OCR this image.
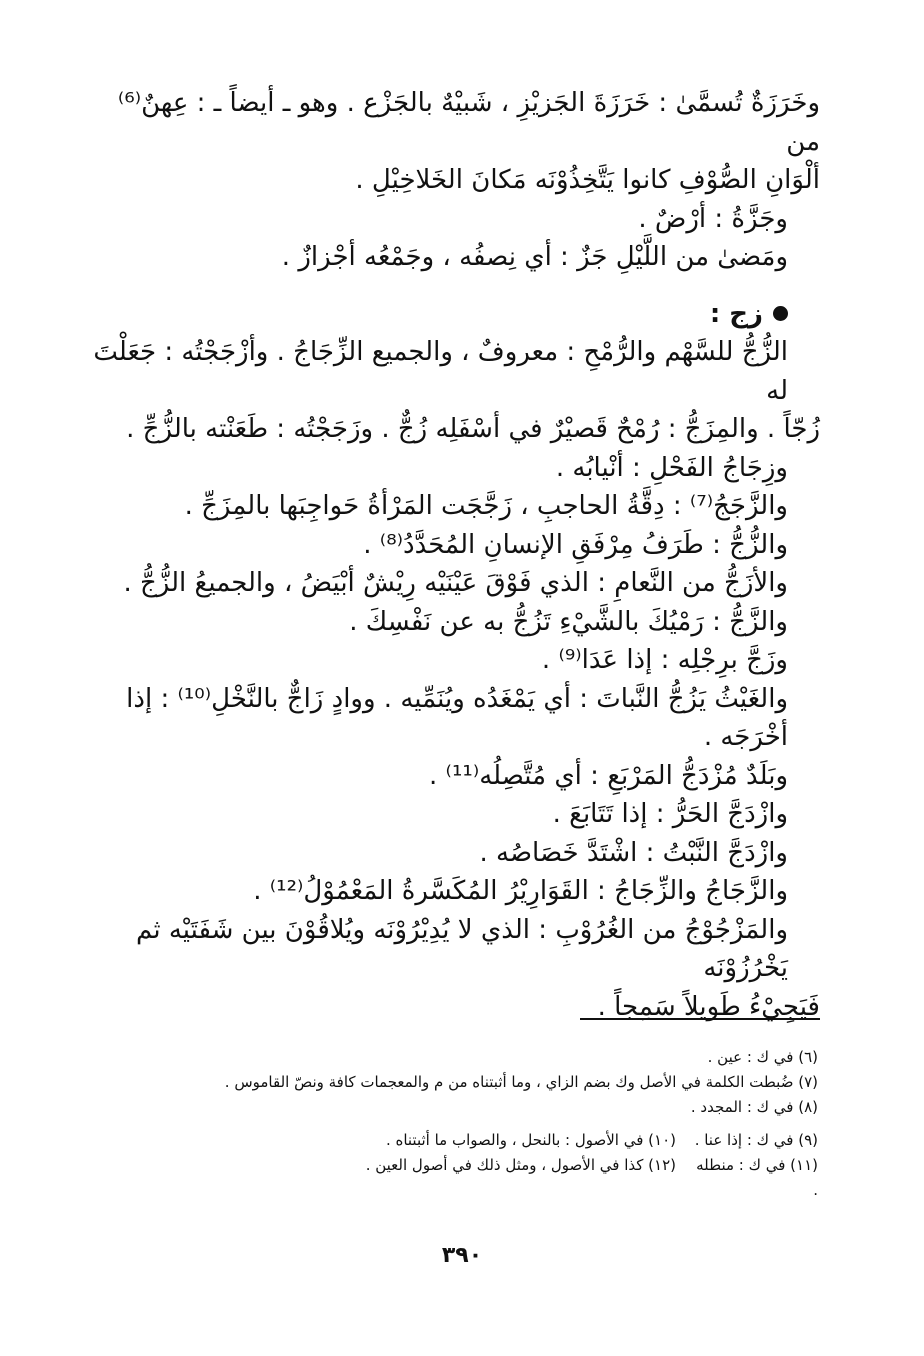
وخَرَزَةٌ تُسمَّىٰ : خَرَزَةَ الجَزيْزِ ، شَبيْهٌ بالجَزْع . وهو ـ أيضاً ـ : عِهنٌ⁽⁶⁾ من

ألْوَانِ الصُّوْفِ كانوا يَتَّخِذُوْنَه مَكانَ الخَلاخِيْلِ .

وجَزَّةُ : أرْضٌ .

ومَضىٰ من اللَّيْلِ جَزٌ : أي نِصفُه ، وجَمْعُه أجْزازٌ .

زج :

الزُّجُّ للسَّهْم والرُّمْحِ : معروفٌ ، والجميع الزِّجَاجُ . وأزْجَجْتُه : جَعَلْتَ له

زُجّاً . والمِزَجُّ : رُمْحٌ قَصيْرٌ في أسْفَلِه زُجٌّ . وزَجَجْتُه : طَعَنْته بالزُّجِّ .

وزِجَاجُ الفَحْلِ : أنْيابُه .

والزَّجَجُ⁽⁷⁾ : دِقَّةُ الحاجبِ ، زَجَّجَت المَرْأةُ حَواجِبَها بالمِزَجِّ .

والزُّجُّ : طَرَفُ مِرْفَقِ الإنسانِ المُحَدَّدُ⁽⁸⁾ .

والأزَجُّ من النَّعامِ : الذي فَوْقَ عَيْنَيْه رِيْشٌ أبْيَضُ ، والجميعُ الزُّجُّ .

والزَّجُّ : رَمْيُكَ بالشَّيْءِ تَزُجُّ به عن نَفْسِكَ .

وزَجَّ برِجْلِه : إذا عَدَا⁽⁹⁾ .

والغَيْثُ يَزُجُّ النَّباتَ : أي يَمْغَدُه ويُنَمِّيه . ووادٍ زَاجٌّ بالنَّخْلِ⁽¹⁰⁾ : إذا أخْرَجَه .

وبَلَدٌ مُزْدَجُّ المَرْبَعِ : أي مُتَّصِلُه⁽¹¹⁾ .

وازْدَجَّ الحَرُّ : إذا تَتَابَعَ .

وازْدَجَّ النَّبْتُ : اشْتَدَّ خَصَاصُه .

والزَّجَاجُ والزِّجَاجُ : القَوَارِيْرُ المُكَسَّرةُ المَعْمُوْلُ⁽¹²⁾ .

والمَزْجُوْجُ من الغُرُوْبِ : الذي لا يُدِيْرُوْنَه ويُلاقُوْنَ بين شَفَتَيْه ثم يَخْرُزُوْنَه

فَيَجِيْءُ طَويلاً سَمِجاً .

(٦) في ك : عين .

(٧) ضُبطت الكلمة في الأصل وك بضم الزاي ، وما أثبتناه من م والمعجمات كافة ونصّ القاموس .

(٨) في ك : المجدد .

(٩) في ك : إذا عنا .
(١٠) في الأصول : بالنحل ، والصواب ما أثبتناه .
(١١) في ك : منطله .
(١٢) كذا في الأصول ، ومثل ذلك في أصول العين .
٣٩٠
